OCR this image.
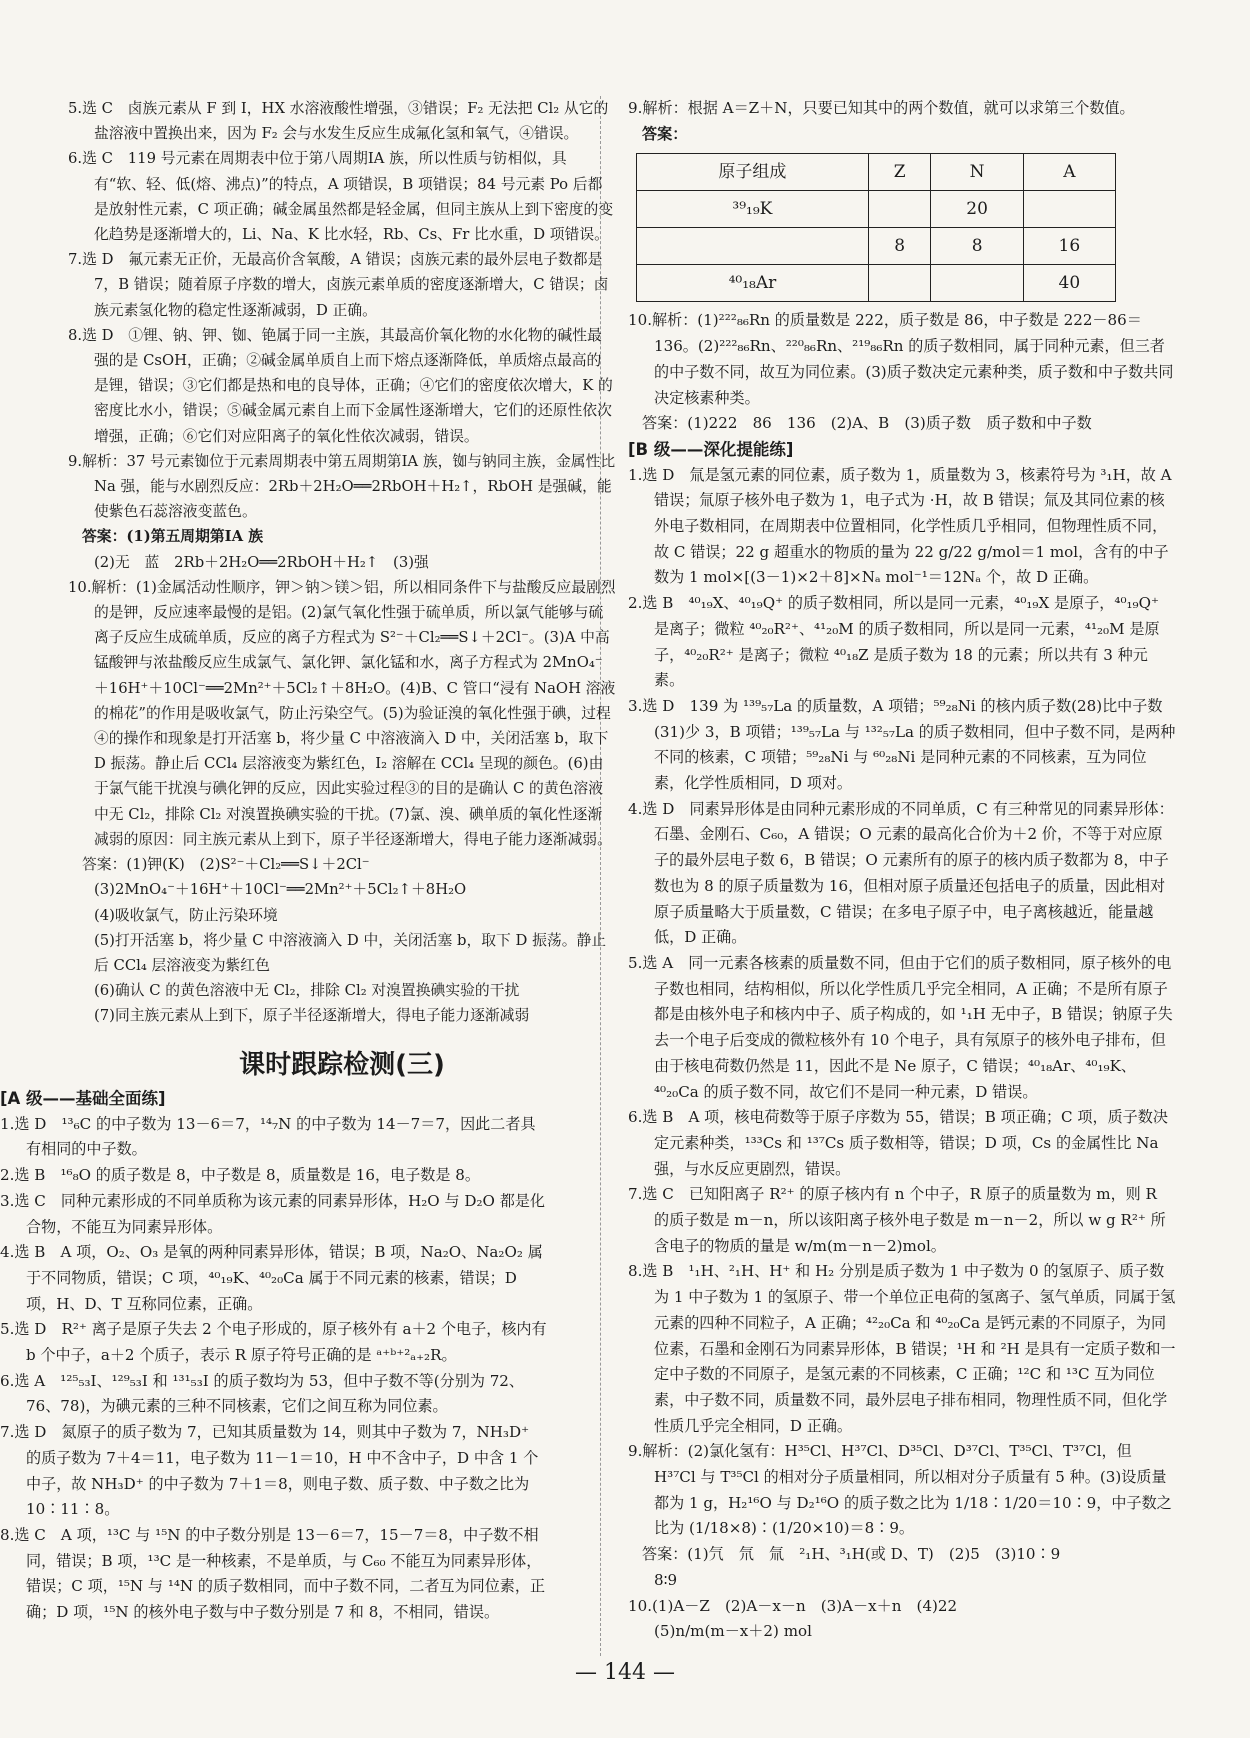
5.选 C　卤族元素从 F 到 I，HX 水溶液酸性增强，③错误；F₂ 无法把 Cl₂ 从它的盐溶液中置换出来，因为 F₂ 会与水发生反应生成氟化氢和氧气，④错误。

6.选 C　119 号元素在周期表中位于第八周期ⅠA 族，所以性质与钫相似，具有“软、轻、低(熔、沸点)”的特点，A 项错误，B 项错误；84 号元素 Po 后都是放射性元素，C 项正确；碱金属虽然都是轻金属，但同主族从上到下密度的变化趋势是逐渐增大的，Li、Na、K 比水轻，Rb、Cs、Fr 比水重，D 项错误。

7.选 D　氟元素无正价，无最高价含氧酸，A 错误；卤族元素的最外层电子数都是 7，B 错误；随着原子序数的增大，卤族元素单质的密度逐渐增大，C 错误；卤族元素氢化物的稳定性逐渐减弱，D 正确。

8.选 D　①锂、钠、钾、铷、铯属于同一主族，其最高价氧化物的水化物的碱性最强的是 CsOH，正确；②碱金属单质自上而下熔点逐渐降低，单质熔点最高的是锂，错误；③它们都是热和电的良导体，正确；④它们的密度依次增大，K 的密度比水小，错误；⑤碱金属元素自上而下金属性逐渐增大，它们的还原性依次增强，正确；⑥它们对应阳离子的氧化性依次减弱，错误。

9.解析：37 号元素铷位于元素周期表中第五周期第ⅠA 族，铷与钠同主族，金属性比 Na 强，能与水剧烈反应：2Rb＋2H₂O══2RbOH＋H₂↑，RbOH 是强碱，能使紫色石蕊溶液变蓝色。

答案：(1)第五周期第ⅠA 族

(2)无　蓝　2Rb＋2H₂O══2RbOH＋H₂↑　(3)强

10.解析：(1)金属活动性顺序，钾＞钠＞镁＞铝，所以相同条件下与盐酸反应最剧烈的是钾，反应速率最慢的是铝。(2)氯气氧化性强于硫单质，所以氯气能够与硫离子反应生成硫单质，反应的离子方程式为 S²⁻＋Cl₂══S↓＋2Cl⁻。(3)A 中高锰酸钾与浓盐酸反应生成氯气、氯化钾、氯化锰和水，离子方程式为 2MnO₄⁻＋16H⁺＋10Cl⁻══2Mn²⁺＋5Cl₂↑＋8H₂O。(4)B、C 管口“浸有 NaOH 溶液的棉花”的作用是吸收氯气，防止污染空气。(5)为验证溴的氧化性强于碘，过程④的操作和现象是打开活塞 b，将少量 C 中溶液滴入 D 中，关闭活塞 b，取下 D 振荡。静止后 CCl₄ 层溶液变为紫红色，I₂ 溶解在 CCl₄ 呈现的颜色。(6)由于氯气能干扰溴与碘化钾的反应，因此实验过程③的目的是确认 C 的黄色溶液中无 Cl₂，排除 Cl₂ 对溴置换碘实验的干扰。(7)氯、溴、碘单质的氧化性逐渐减弱的原因：同主族元素从上到下，原子半径逐渐增大，得电子能力逐渐减弱。

答案：(1)钾(K)　(2)S²⁻＋Cl₂══S↓＋2Cl⁻

(3)2MnO₄⁻＋16H⁺＋10Cl⁻══2Mn²⁺＋5Cl₂↑＋8H₂O

(4)吸收氯气，防止污染环境

(5)打开活塞 b，将少量 C 中溶液滴入 D 中，关闭活塞 b，取下 D 振荡。静止后 CCl₄ 层溶液变为紫红色

(6)确认 C 的黄色溶液中无 Cl₂，排除 Cl₂ 对溴置换碘实验的干扰

(7)同主族元素从上到下，原子半径逐渐增大，得电子能力逐渐减弱

课时跟踪检测(三)
[A 级——基础全面练]

1.选 D　¹³₆C 的中子数为 13－6＝7，¹⁴₇N 的中子数为 14－7＝7，因此二者具有相同的中子数。

2.选 B　¹⁶₈O 的质子数是 8，中子数是 8，质量数是 16，电子数是 8。

3.选 C　同种元素形成的不同单质称为该元素的同素异形体，H₂O 与 D₂O 都是化合物，不能互为同素异形体。

4.选 B　A 项，O₂、O₃ 是氧的两种同素异形体，错误；B 项，Na₂O、Na₂O₂ 属于不同物质，错误；C 项，⁴⁰₁₉K、⁴⁰₂₀Ca 属于不同元素的核素，错误；D 项，H、D、T 互称同位素，正确。

5.选 D　R²⁺ 离子是原子失去 2 个电子形成的，原子核外有 a＋2 个电子，核内有 b 个中子，a＋2 个质子，表示 R 原子符号正确的是 ᵃ⁺ᵇ⁺²ₐ₊₂R。

6.选 A　¹²⁵₅₃I、¹²⁹₅₃I 和 ¹³¹₅₃I 的质子数均为 53，但中子数不等(分别为 72、76、78)，为碘元素的三种不同核素，它们之间互称为同位素。

7.选 D　氮原子的质子数为 7，已知其质量数为 14，则其中子数为 7，NH₃D⁺ 的质子数为 7＋4＝11，电子数为 11－1＝10，H 中不含中子，D 中含 1 个中子，故 NH₃D⁺ 的中子数为 7＋1＝8，则电子数、质子数、中子数之比为 10∶11∶8。

8.选 C　A 项，¹³C 与 ¹⁵N 的中子数分别是 13－6＝7，15－7＝8，中子数不相同，错误；B 项，¹³C 是一种核素，不是单质，与 C₆₀ 不能互为同素异形体，错误；C 项，¹⁵N 与 ¹⁴N 的质子数相同，而中子数不同，二者互为同位素，正确；D 项，¹⁵N 的核外电子数与中子数分别是 7 和 8，不相同，错误。

9.解析：根据 A＝Z＋N，只要已知其中的两个数值，就可以求第三个数值。

答案：

原子组成	Z	N	A
³⁹₁₉K		20	
	8	8	16
⁴⁰₁₈Ar			40

10.解析：(1)²²²₈₆Rn 的质量数是 222，质子数是 86，中子数是 222－86＝136。(2)²²²₈₆Rn、²²⁰₈₆Rn、²¹⁹₈₆Rn 的质子数相同，属于同种元素，但三者的中子数不同，故互为同位素。(3)质子数决定元素种类，质子数和中子数共同决定核素种类。

答案：(1)222　86　136　(2)A、B　(3)质子数　质子数和中子数

[B 级——深化提能练]

1.选 D　氚是氢元素的同位素，质子数为 1，质量数为 3，核素符号为 ³₁H，故 A 错误；氚原子核外电子数为 1，电子式为 ·H，故 B 错误；氚及其同位素的核外电子数相同，在周期表中位置相同，化学性质几乎相同，但物理性质不同，故 C 错误；22 g 超重水的物质的量为 22 g/22 g/mol＝1 mol，含有的中子数为 1 mol×[(3－1)×2＋8]×Nₐ mol⁻¹＝12Nₐ 个，故 D 正确。

2.选 B　⁴⁰₁₉X、⁴⁰₁₉Q⁺ 的质子数相同，所以是同一元素，⁴⁰₁₉X 是原子，⁴⁰₁₉Q⁺ 是离子；微粒 ⁴⁰₂₀R²⁺、⁴¹₂₀M 的质子数相同，所以是同一元素，⁴¹₂₀M 是原子，⁴⁰₂₀R²⁺ 是离子；微粒 ⁴⁰₁₈Z 是质子数为 18 的元素；所以共有 3 种元素。

3.选 D　139 为 ¹³⁹₅₇La 的质量数，A 项错；⁵⁹₂₈Ni 的核内质子数(28)比中子数(31)少 3，B 项错；¹³⁹₅₇La 与 ¹³²₅₇La 的质子数相同，但中子数不同，是两种不同的核素，C 项错；⁵⁹₂₈Ni 与 ⁶⁰₂₈Ni 是同种元素的不同核素，互为同位素，化学性质相同，D 项对。

4.选 D　同素异形体是由同种元素形成的不同单质，C 有三种常见的同素异形体：石墨、金刚石、C₆₀，A 错误；O 元素的最高化合价为＋2 价，不等于对应原子的最外层电子数 6，B 错误；O 元素所有的原子的核内质子数都为 8，中子数也为 8 的原子质量数为 16，但相对原子质量还包括电子的质量，因此相对原子质量略大于质量数，C 错误；在多电子原子中，电子离核越近，能量越低，D 正确。

5.选 A　同一元素各核素的质量数不同，但由于它们的质子数相同，原子核外的电子数也相同，结构相似，所以化学性质几乎完全相同，A 正确；不是所有原子都是由核外电子和核内中子、质子构成的，如 ¹₁H 无中子，B 错误；钠原子失去一个电子后变成的微粒核外有 10 个电子，具有氖原子的核外电子排布，但由于核电荷数仍然是 11，因此不是 Ne 原子，C 错误；⁴⁰₁₈Ar、⁴⁰₁₉K、⁴⁰₂₀Ca 的质子数不同，故它们不是同一种元素，D 错误。

6.选 B　A 项，核电荷数等于原子序数为 55，错误；B 项正确；C 项，质子数决定元素种类，¹³³Cs 和 ¹³⁷Cs 质子数相等，错误；D 项，Cs 的金属性比 Na 强，与水反应更剧烈，错误。

7.选 C　已知阳离子 R²⁺ 的原子核内有 n 个中子，R 原子的质量数为 m，则 R 的质子数是 m－n，所以该阳离子核外电子数是 m－n－2，所以 w g R²⁺ 所含电子的物质的量是 w/m(m－n－2)mol。

8.选 B　¹₁H、²₁H、H⁺ 和 H₂ 分别是质子数为 1 中子数为 0 的氢原子、质子数为 1 中子数为 1 的氢原子、带一个单位正电荷的氢离子、氢气单质，同属于氢元素的四种不同粒子，A 正确；⁴²₂₀Ca 和 ⁴⁰₂₀Ca 是钙元素的不同原子，为同位素，石墨和金刚石为同素异形体，B 错误；¹H 和 ²H 是具有一定质子数和一定中子数的不同原子，是氢元素的不同核素，C 正确；¹²C 和 ¹³C 互为同位素，中子数不同，质量数不同，最外层电子排布相同，物理性质不同，但化学性质几乎完全相同，D 正确。

9.解析：(2)氯化氢有：H³⁵Cl、H³⁷Cl、D³⁵Cl、D³⁷Cl、T³⁵Cl、T³⁷Cl，但 H³⁷Cl 与 T³⁵Cl 的相对分子质量相同，所以相对分子质量有 5 种。(3)设质量都为 1 g，H₂¹⁶O 与 D₂¹⁶O 的质子数之比为 1/18∶1/20＝10∶9，中子数之比为 (1/18×8)∶(1/20×10)＝8∶9。

答案：(1)氕　氘　氚　²₁H、³₁H(或 D、T)　(2)5　(3)10∶9

8∶9

10.(1)A－Z　(2)A－x－n　(3)A－x＋n　(4)22

(5)n/m(m－x＋2) mol

— 144 —
